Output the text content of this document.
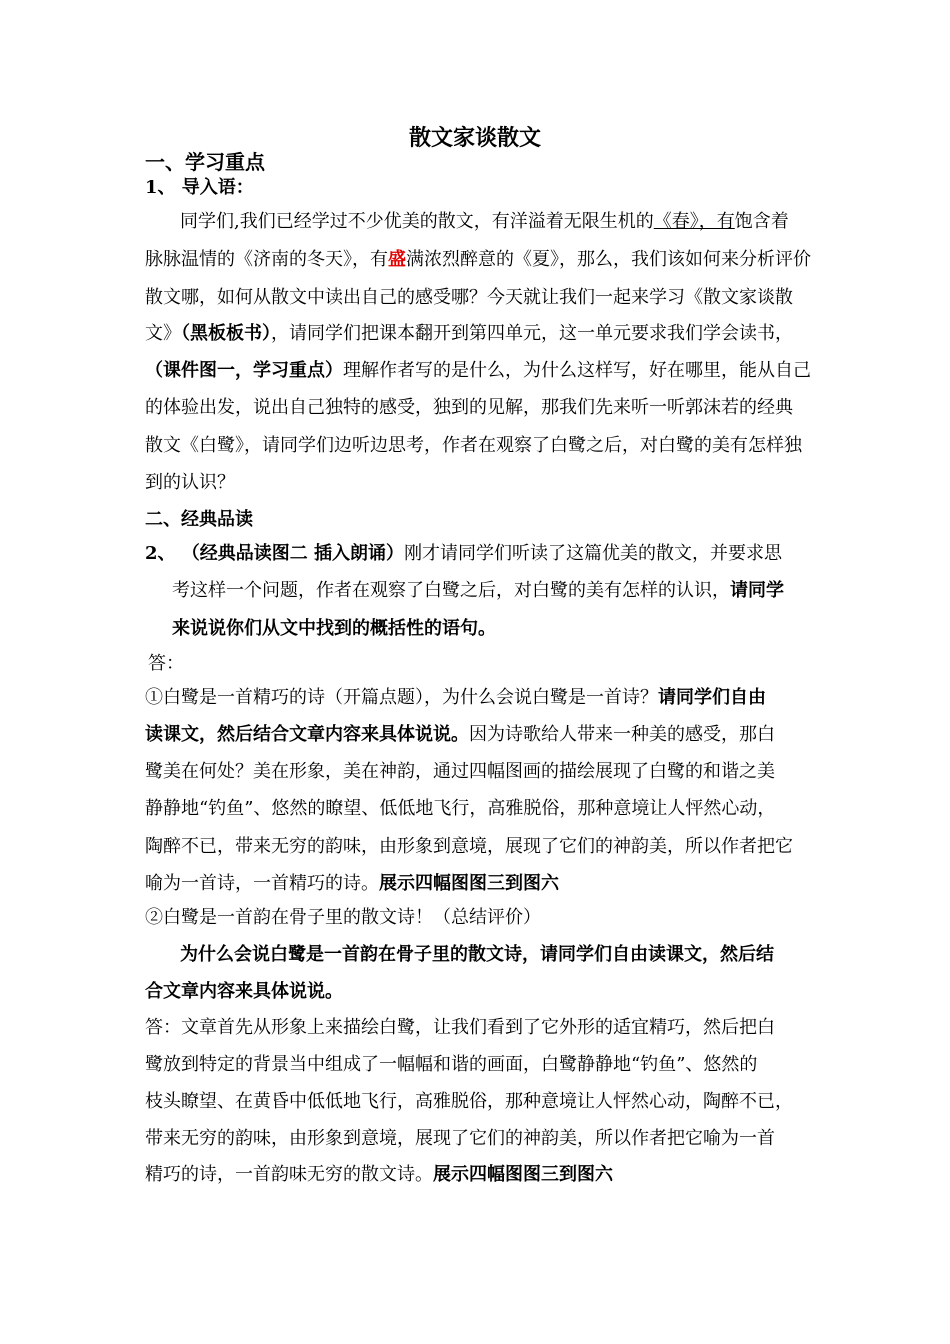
散文家谈散文
一、学习重点
1、 导入语：
同学们,我们已经学过不少优美的散文，有洋溢着无限生机的《春》，有饱含着
脉脉温情的《济南的冬天》，有盛满浓烈醉意的《夏》，那么，我们该如何来分析评价
散文哪，如何从散文中读出自己的感受哪？今天就让我们一起来学习《散文家谈散
文》（黑板板书），请同学们把课本翻开到第四单元，这一单元要求我们学会读书，
（课件图一，学习重点）理解作者写的是什么，为什么这样写，好在哪里，能从自己
的体验出发，说出自己独特的感受，独到的见解，那我们先来听一听郭沫若的经典
散文《白鹭》，请同学们边听边思考，作者在观察了白鹭之后，对白鹭的美有怎样独
到的认识？
二、经典品读
2、 （经典品读图二 插入朗诵）刚才请同学们听读了这篇优美的散文，并要求思
考这样一个问题，作者在观察了白鹭之后，对白鹭的美有怎样的认识，请同学
来说说你们从文中找到的概括性的语句。
答：
①白鹭是一首精巧的诗（开篇点题），为什么会说白鹭是一首诗？请同学们自由
读课文，然后结合文章内容来具体说说。因为诗歌给人带来一种美的感受，那白
鹭美在何处？美在形象，美在神韵，通过四幅图画的描绘展现了白鹭的和谐之美
静静地“钓鱼”、悠然的瞭望、低低地飞行，高雅脱俗，那种意境让人怦然心动，
陶醉不已，带来无穷的韵味，由形象到意境，展现了它们的神韵美，所以作者把它
喻为一首诗，一首精巧的诗。展示四幅图图三到图六
②白鹭是一首韵在骨子里的散文诗！（总结评价）
为什么会说白鹭是一首韵在骨子里的散文诗，请同学们自由读课文，然后结
合文章内容来具体说说。
答：文章首先从形象上来描绘白鹭，让我们看到了它外形的适宜精巧，然后把白
鹭放到特定的背景当中组成了一幅幅和谐的画面，白鹭静静地“钓鱼”、悠然的
枝头瞭望、在黄昏中低低地飞行，高雅脱俗，那种意境让人怦然心动，陶醉不已，
带来无穷的韵味，由形象到意境，展现了它们的神韵美，所以作者把它喻为一首
精巧的诗，一首韵味无穷的散文诗。展示四幅图图三到图六
